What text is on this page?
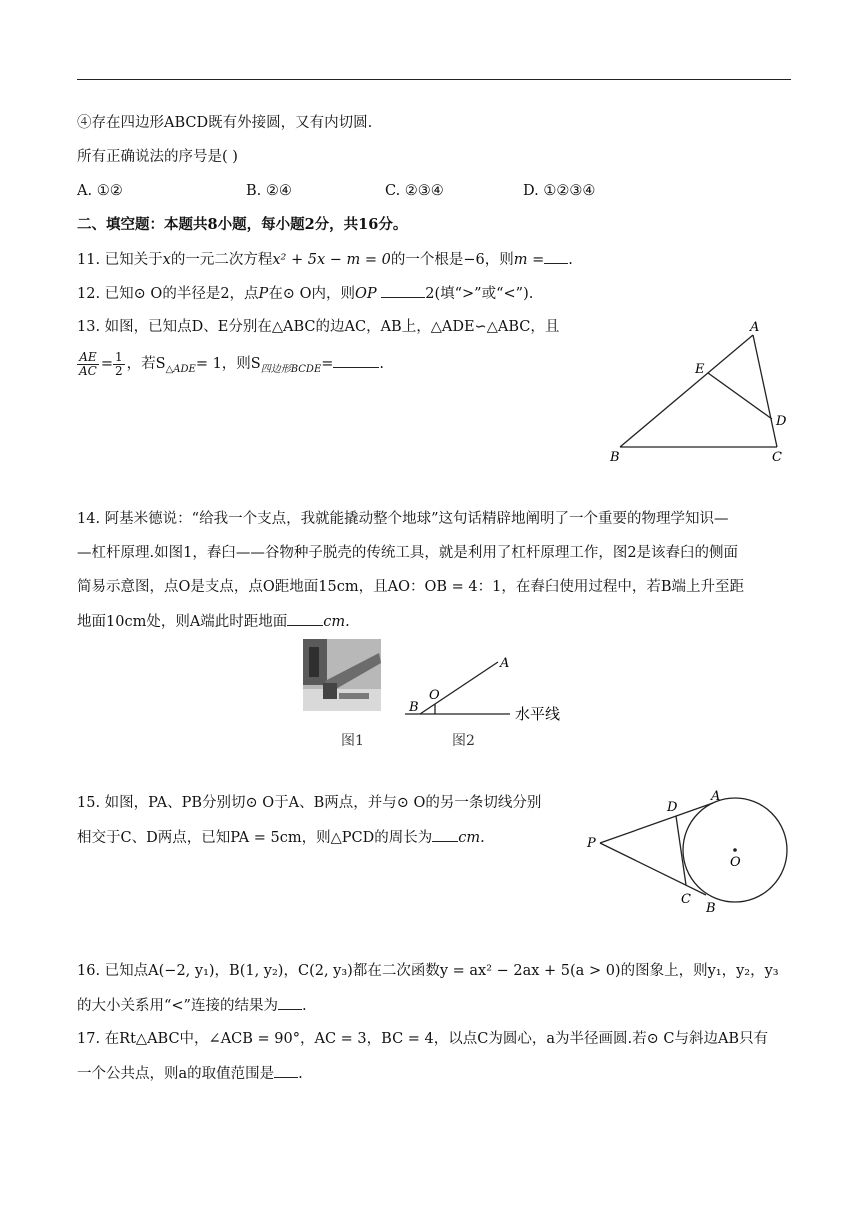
④存在四边形ABCD既有外接圆，又有内切圆.
所有正确说法的序号是( )
A. ①②	B. ②④	C. ②③④	D. ①②③④
二、填空题：本题共8小题，每小题2分，共16分。
11. 已知关于x的一元二次方程x² + 5x − m = 0的一个根是−6，则m = .
12. 已知⊙ O的半径是2，点P在⊙ O内，则OP	2(填“>”或“<”).
13. 如图，已知点D、E分别在△ABC的边AC，AB上，△ADE∽△ABC，且
$\frac{AE}{AC} = \frac{1}{2}$ ，若$S_{\triangle ADE}= 1$，则$S_{四边形BCDE}=$	.
A
E
D
B	C
14. 阿基米德说：“给我一个支点，我就能撬动整个地球”这句话精辟地阐明了一个重要的物理学知识—
—杠杆原理.如图1，舂臼——谷物种子脱壳的传统工具，就是利用了杠杆原理工作，图2是该舂臼的侧面
简易示意图，点O是支点，点O距地面15cm，且AO：OB = 4：1，在舂臼使用过程中，若B端上升至距
地面10cm处，则A端此时距地面 cm.
A
O
B	水平线
图1	图2
15. 如图，PA、PB分别切⊙ O于A、B两点，并与⊙ O的另一条切线分别
相交于C、D两点，已知PA = 5cm，则△PCD的周长为 cm.	P
A
D
C
B
O
16. 已知点A(−2, y₁)，B(1, y₂)，C(2, y₃)都在二次函数y = ax² − 2ax + 5(a > 0)的图象上，则y₁，y₂，y₃
的大小关系用“<”连接的结果为 .
17. 在Rt△ABC中，∠ACB = 90°，AC = 3，BC = 4，以点C为圆心，a为半径画圆.若⊙ C与斜边AB只有
一个公共点，则a的取值范围是 .
